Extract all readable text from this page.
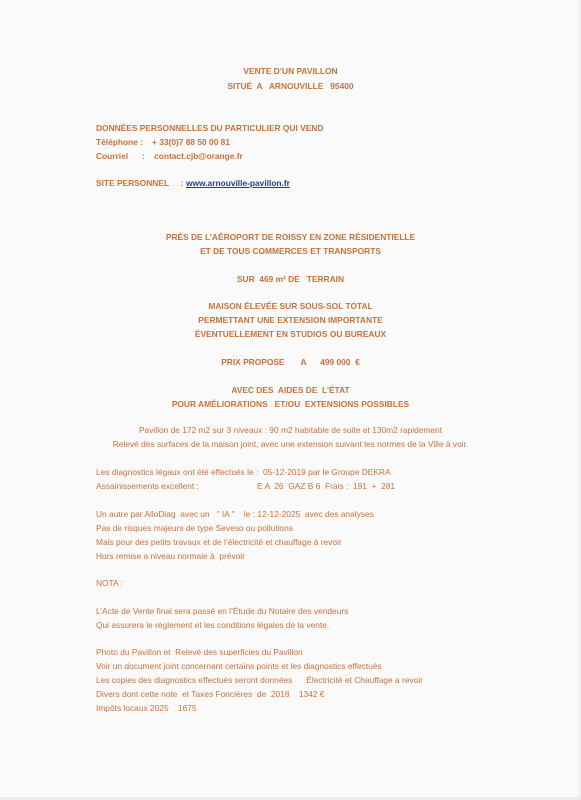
VENTE D’UN PAVILLON
SITUÉ  A   ARNOUVILLE   95400
DONNÉES PERSONNELLES DU PARTICULIER QUI VEND
Téléphone : + 33(0)7 88 50 00 81
Courriel :    contact.cjb@orange.fr
SITE PERSONNEL     : www.arnouville-pavillon.fr
PRÈS DE L’AÉROPORT DE ROISSY EN ZONE RÉSIDENTIELLE
ET DE TOUS COMMERCES ET TRANSPORTS
SUR  469 m² DE   TERRAIN
MAISON ÉLEVÉE SUR SOUS-SOL TOTAL
PERMETTANT UNE EXTENSION IMPORTANTE
ÉVENTUELLEMENT EN STUDIOS OU BUREAUX
PRIX PROPOSE       A      499 000  €
AVEC DES  AIDES DE  L’ÉTAT
POUR AMÉLIORATIONS   ET/OU  EXTENSIONS POSSIBLES
Pavillon de 172 m2 sur 3 niveaux : 90 m2 habitable de suite et 130m2 rapidement
Relevé des surfaces de la maison joint, avec une extension suivant les normes de la Ville à voir.
Les diagnostics légaux ont été effectués le :  05-12-2019 par le Groupe DEKRA
Assainissements excellent :                         E A  26  GAZ B 6  Frais :  191  +  281
Un autre par AlloDiag  avec un   " IA "    le : 12-12-2025  avec des analyses
Pas de risques majeurs de type Seveso ou pollutions
Mais pour des petits travaux et de l’électricité et chauffage à revoir
Hors remise a niveau normale à  prévoir
NOTA :
L’Acte de Vente final sera passé en l’Étude du Notaire des vendeurs
Qui assurera le règlement et les conditions légales de la vente.
Photo du Pavillon et  Relevé des superficies du Pavillon
Voir un document joint concernant certains points et les diagnostics effectués
Les copies des diagnostics effectués seront données      Électricité et Chauffage a revoir
Divers dont cette note  et Taxes Foncières  de  2018    1342 €
Impôts locaux 2025    1675
